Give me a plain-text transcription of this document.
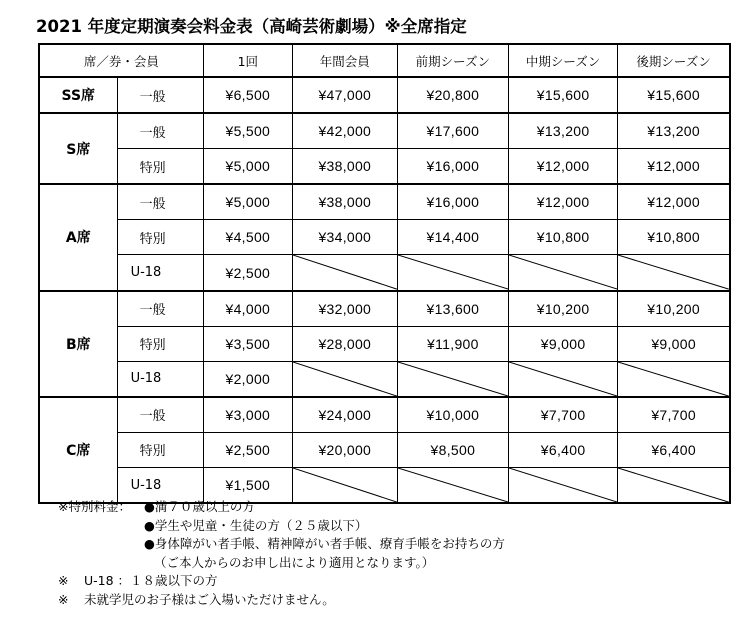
2021 年度定期演奏会料金表（高崎芸術劇場）※全席指定
席／券・会員		1回	年間会員	前期シーズン	中期シーズン	後期シーズン
SS席	一般	¥6,500	¥47,000	¥20,800	¥15,600	¥15,600
S席	一般	¥5,500	¥42,000	¥17,600	¥13,200	¥13,200

	特別	¥5,000	¥38,000	¥16,000	¥12,000	¥12,000
A席	一般	¥5,000	¥38,000	¥16,000	¥12,000	¥12,000

	特別	¥4,500	¥34,000	¥14,400	¥10,800	¥10,800

	U-18	¥2,500	

B席	一般	¥4,000	¥32,000	¥13,600	¥10,200	¥10,200

	特別	¥3,500	¥28,000	¥11,900	¥9,000	¥9,000

	U-18	¥2,000	

C席	一般	¥3,000	¥24,000	¥10,000	¥7,700	¥7,700

	特別	¥2,500	¥20,000	¥8,500	¥6,400	¥6,400

	U-18	¥1,500	

※特別料金：	●満７０歳以上の方
●学生や児童・生徒の方（２５歳以下）
●身体障がい者手帳、精神障がい者手帳、療育手帳をお持ちの方
（ご本人からのお申し出により適用となります。）
※	U-18 ：１８歳以下の方
※	未就学児のお子様はご入場いただけません。
